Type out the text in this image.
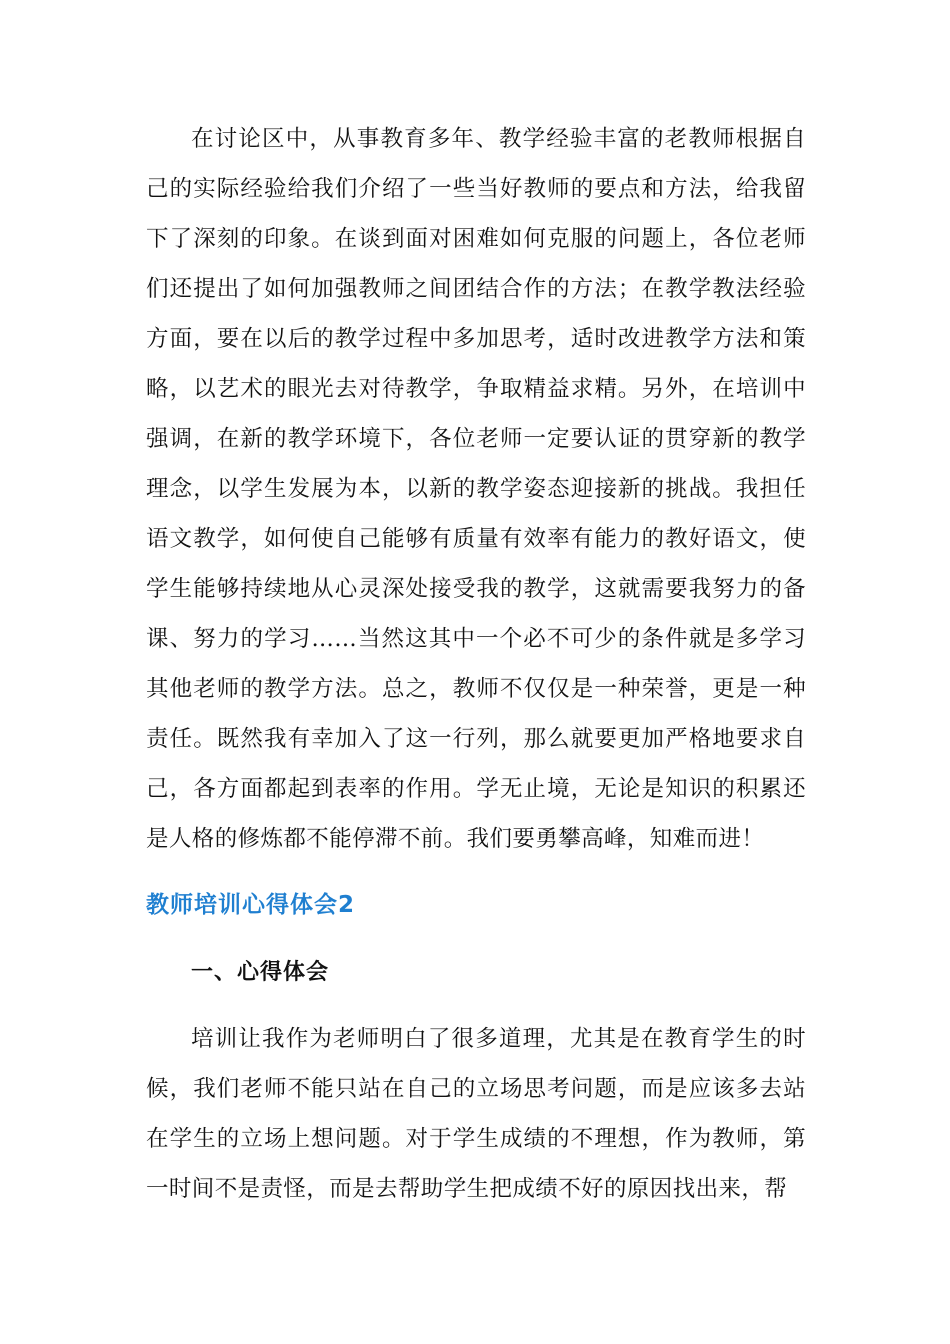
在讨论区中，从事教育多年、教学经验丰富的老教师根据自己的实际经验给我们介绍了一些当好教师的要点和方法，给我留下了深刻的印象。在谈到面对困难如何克服的问题上，各位老师们还提出了如何加强教师之间团结合作的方法；在教学教法经验方面，要在以后的教学过程中多加思考，适时改进教学方法和策略，以艺术的眼光去对待教学，争取精益求精。另外，在培训中强调，在新的教学环境下，各位老师一定要认证的贯穿新的教学理念，以学生发展为本，以新的教学姿态迎接新的挑战。我担任语文教学，如何使自己能够有质量有效率有能力的教好语文，使学生能够持续地从心灵深处接受我的教学，这就需要我努力的备课、努力的学习……当然这其中一个必不可少的条件就是多学习其他老师的教学方法。总之，教师不仅仅是一种荣誉，更是一种责任。既然我有幸加入了这一行列，那么就要更加严格地要求自己，各方面都起到表率的作用。学无止境，无论是知识的积累还是人格的修炼都不能停滞不前。我们要勇攀高峰，知难而进！

教师培训心得体会2
一、心得体会

培训让我作为老师明白了很多道理，尤其是在教育学生的时候，我们老师不能只站在自己的立场思考问题，而是应该多去站在学生的立场上想问题。对于学生成绩的不理想，作为教师，第一时间不是责怪，而是去帮助学生把成绩不好的原因找出来，帮
